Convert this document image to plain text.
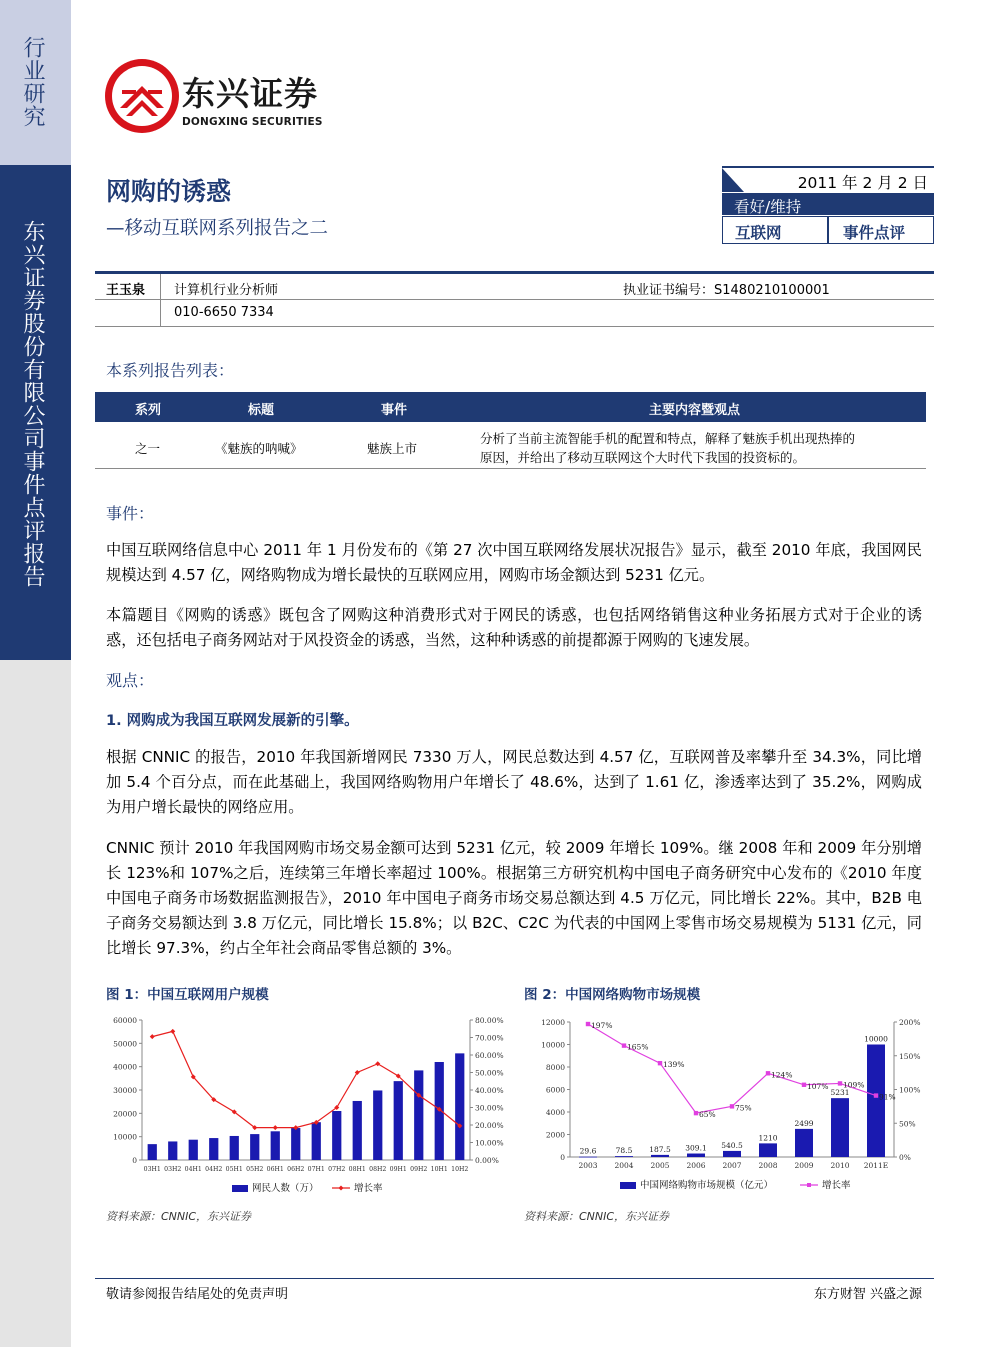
行业研究
东兴证券股份有限公司事件点评报告
东兴证券
DONGXING SECURITIES
网购的诱惑
—移动互联网系列报告之二
2011 年 2 月 2 日
看好/维持
互联网	事件点评
王玉泉 计算机行业分析师	执业证书编号：S1480210100001
010-6650 7334
本系列报告列表：
系列	标题	事件	主要内容暨观点
之一	《魅族的呐喊》	魅族上市
分析了当前主流智能手机的配置和特点，解释了魅族手机出现热捧的
原因，并给出了移动互联网这个大时代下我国的投资标的。
事件：
中国互联网络信息中心 2011 年 1 月份发布的《第 27 次中国互联网络发展状况报告》显示，截至 2010 年底，我国网民规模达到 4.57 亿，网络购物成为增长最快的互联网应用，网购市场金额达到 5231 亿元。
本篇题目《网购的诱惑》既包含了网购这种消费形式对于网民的诱惑，也包括网络销售这种业务拓展方式对于企业的诱惑，还包括电子商务网站对于风投资金的诱惑，当然，这种种诱惑的前提都源于网购的飞速发展。
观点：
1. 网购成为我国互联网发展新的引擎。
根据 CNNIC 的报告，2010 年我国新增网民 7330 万人，网民总数达到 4.57 亿，互联网普及率攀升至 34.3%，同比增加 5.4 个百分点，而在此基础上，我国网络购物用户年增长了 48.6%，达到了 1.61 亿，渗透率达到了 35.2%，网购成为用户增长最快的网络应用。
CNNIC 预计 2010 年我国网购市场交易金额可达到 5231 亿元，较 2009 年增长 109%。继 2008 年和 2009 年分别增长 123%和 107%之后，连续第三年增长率超过 100%。根据第三方研究机构中国电子商务研究中心发布的《2010 年度中国电子商务市场数据监测报告》，2010 年中国电子商务市场交易总额达到 4.5 万亿元，同比增长 22%。其中，B2B 电子商务交易额达到 3.8 万亿元，同比增长 15.8%；以 B2C、C2C 为代表的中国网上零售市场交易规模为 5131 亿元，同比增长 97.3%，约占全年社会商品零售总额的 3%。
图 1：中国互联网用户规模
60000
50000
40000
30000
20000
10000
0
80.00%
70.00%
60.00%
50.00%
40.00%
30.00%
20.00%
10.00%
0.00%
03H1 03H2 04H1 04H2 05H1 05H2 06H1 06H2 07H1 07H2 08H1 08H2 09H1 09H2 10H1 10H2
网民人数（万）	增长率
资料来源：CNNIC，东兴证券
图 2：中国网络购物市场规模
12000
10000
8000
6000
4000
2000
0
200%
150%
100%
50%
0%
29.6
2003
78.5
2004
187.5
2005
309.1
2006
540.5
2007
1210
2008
2499
2009
5231
2010
10000
2011E
197%
165%
139%
65%
75%
124%
107% 109%
91%
中国网络购物市场规模（亿元）	增长率
资料来源：CNNIC，东兴证券
敬请参阅报告结尾处的免责声明	东方财智 兴盛之源
